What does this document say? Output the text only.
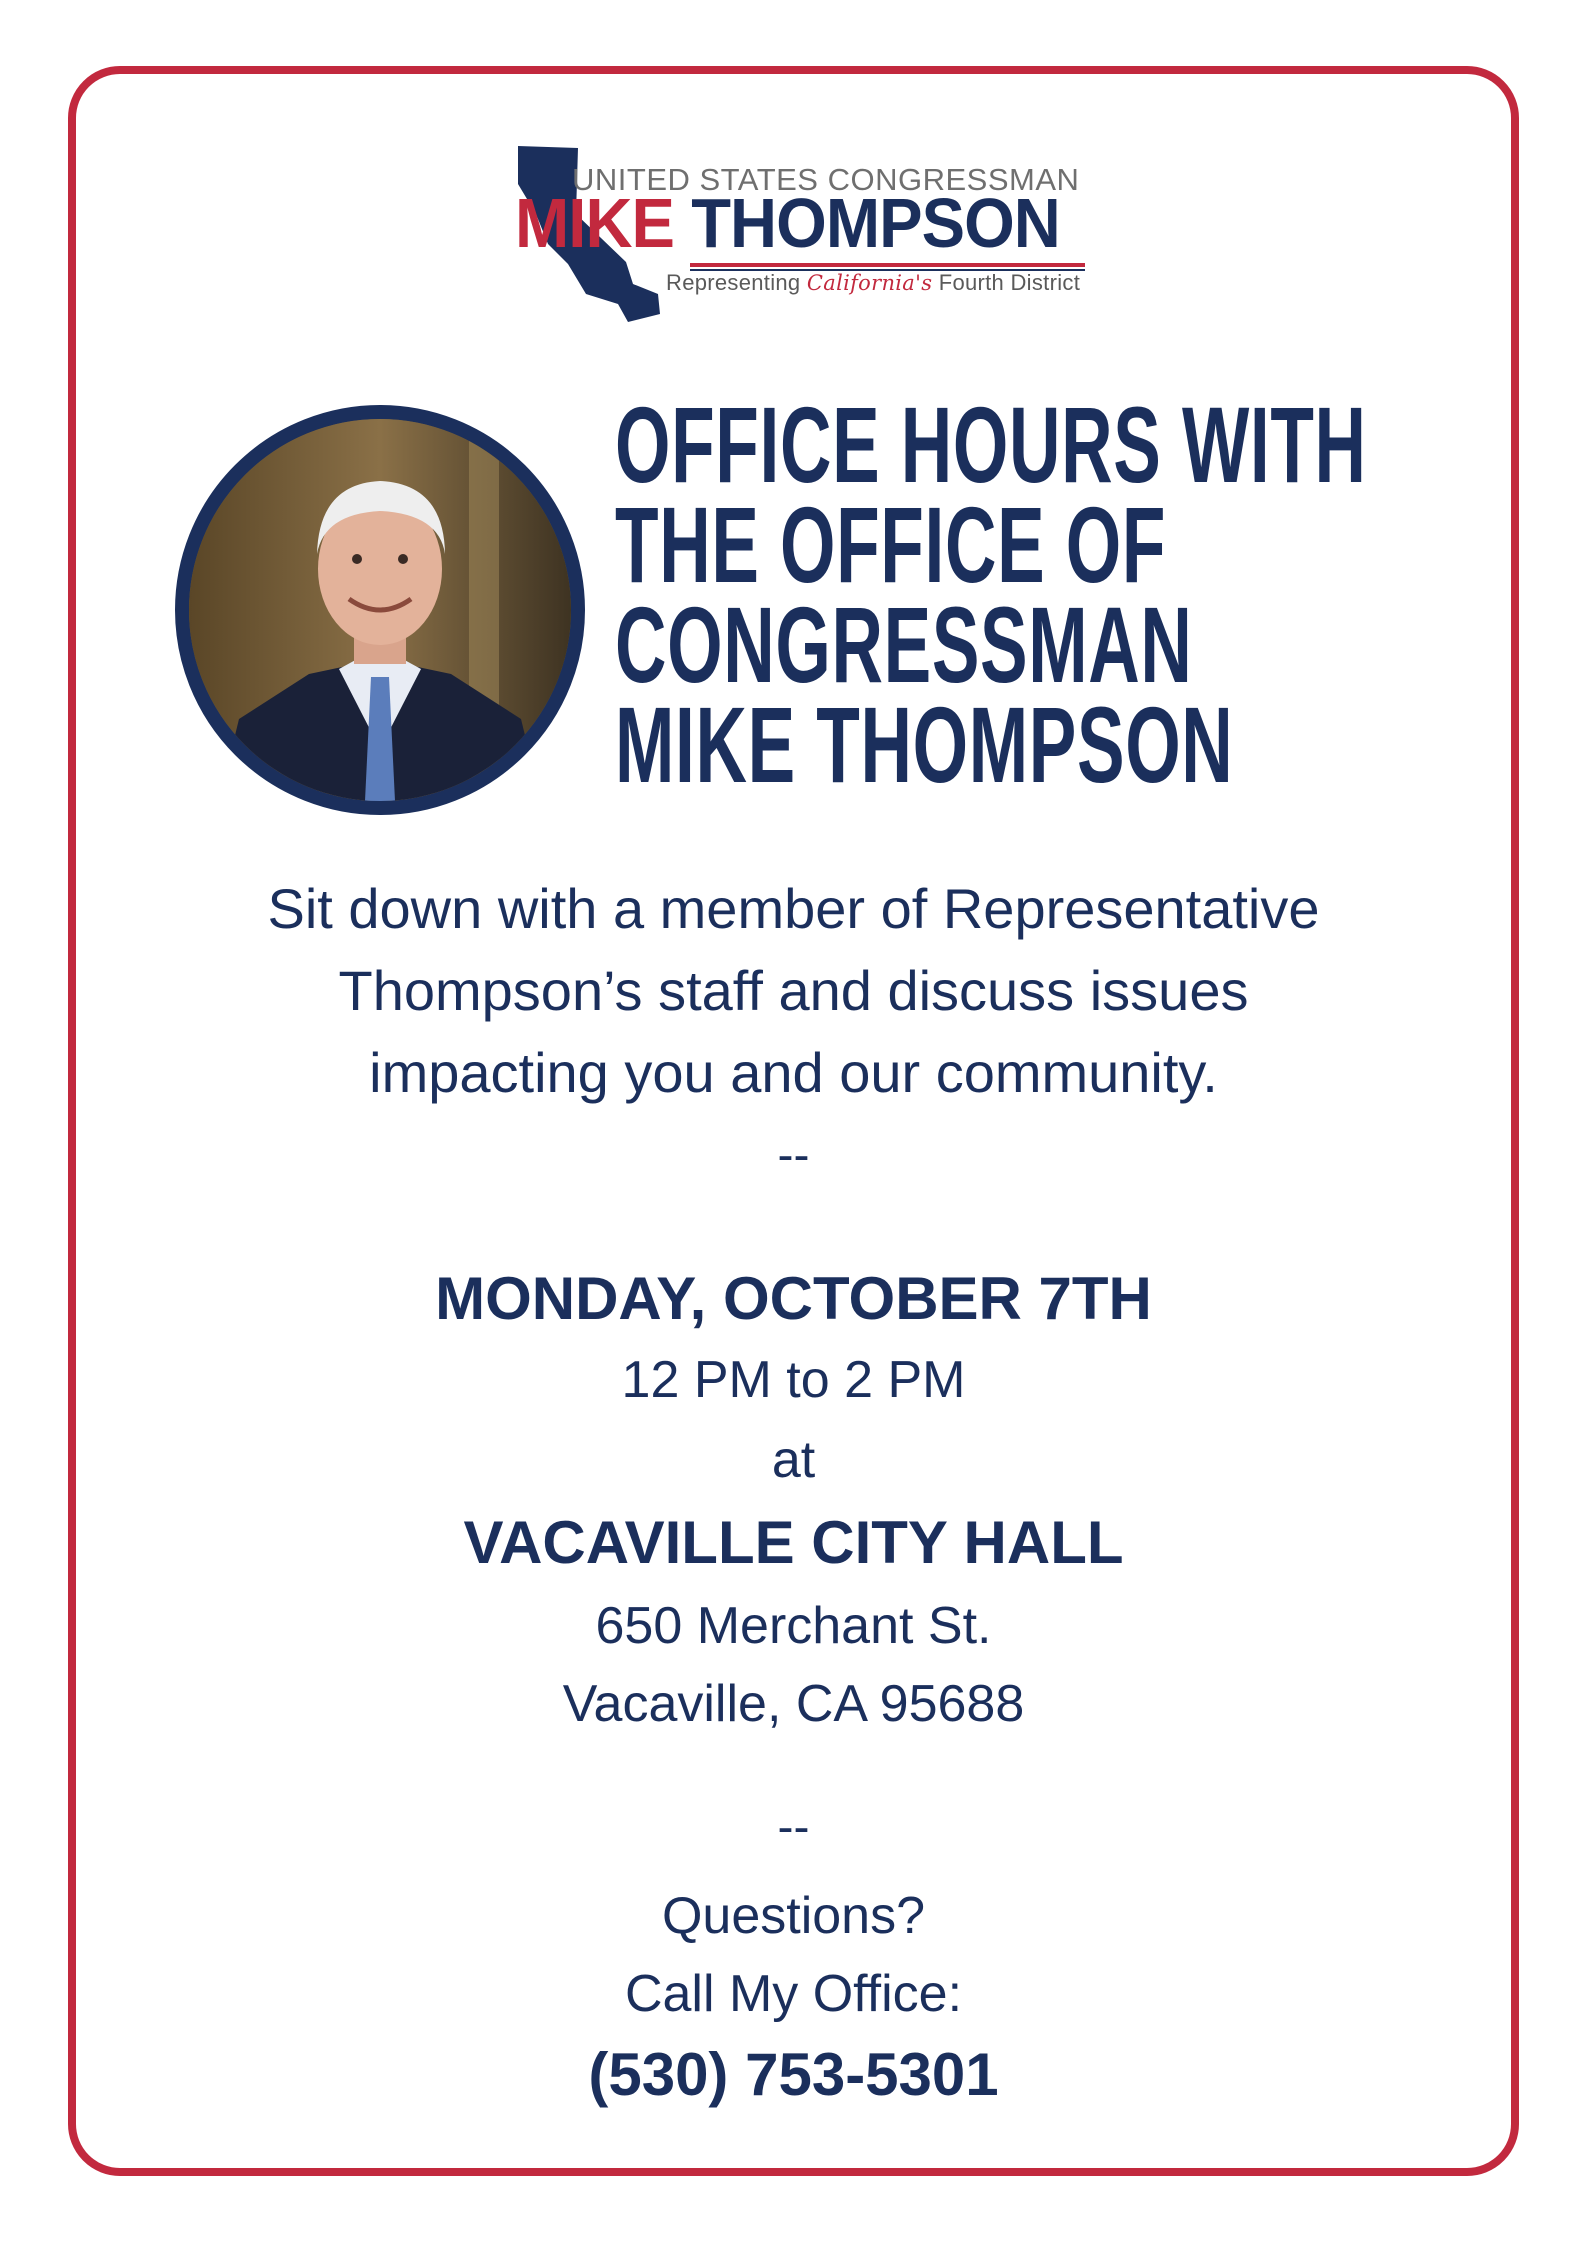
UNITED STATES CONGRESSMAN
MIKE THOMPSON
Representing California's Fourth District
OFFICE HOURS WITH
THE OFFICE OF
CONGRESSMAN
MIKE THOMPSON
Sit down with a member of Representative
Thompson’s staff and discuss issues
impacting you and our community.
--
MONDAY, OCTOBER 7TH
12 PM to 2 PM
at
VACAVILLE CITY HALL
650 Merchant St.
Vacaville, CA 95688
--
Questions?
Call My Office:
(530) 753-5301
